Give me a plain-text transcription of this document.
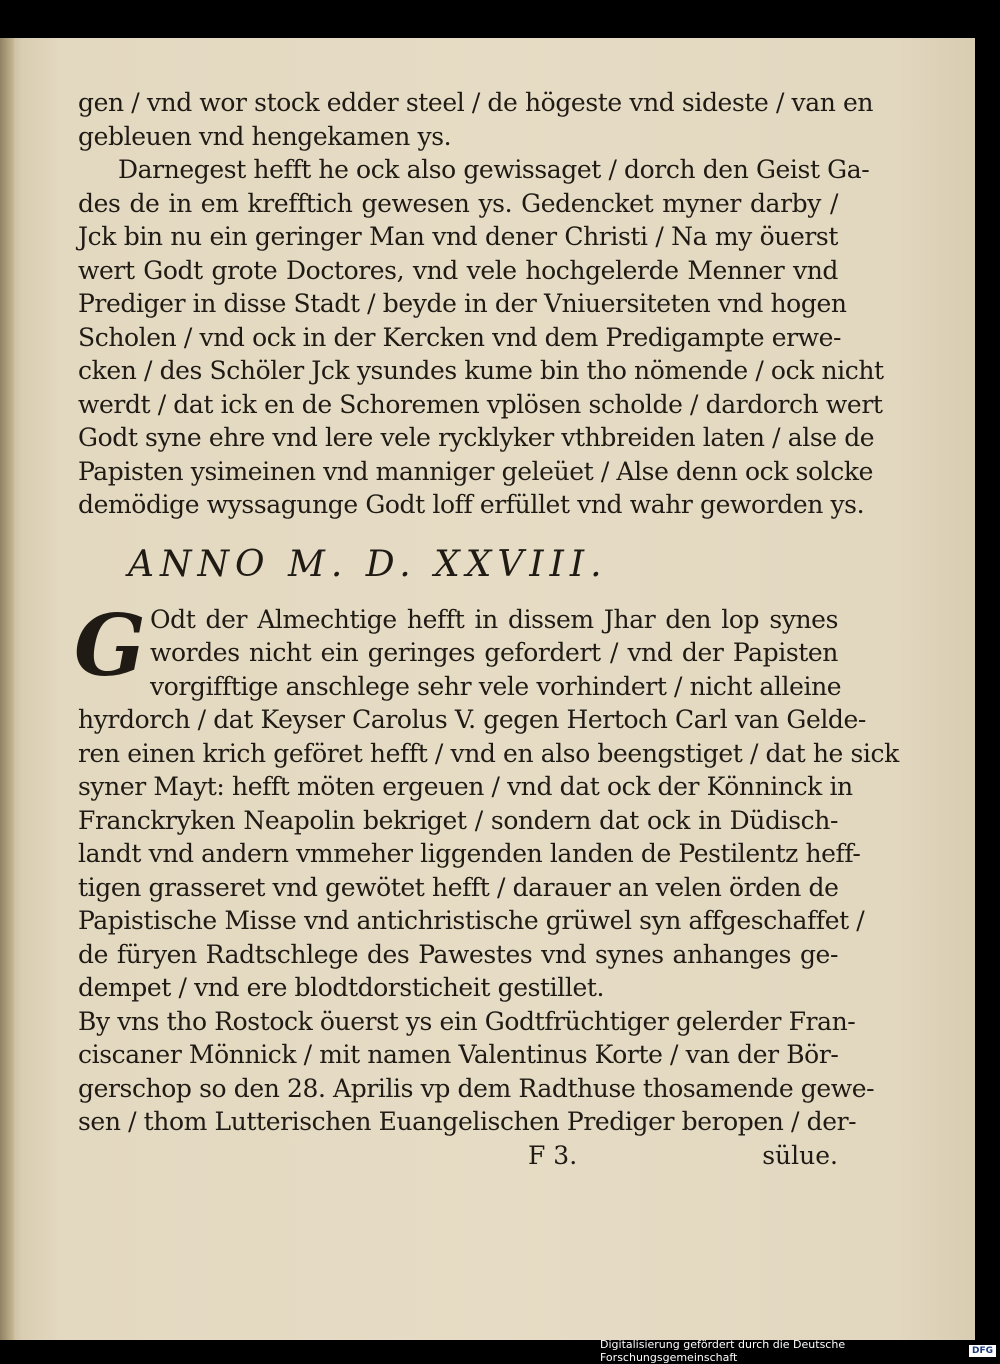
gen / vnd wor stock edder steel / de högeste vnd sideste / van en
gebleuen vnd hengekamen ys.
Darnegest hefft he ock also gewissaget / dorch den Geist Ga-
des de in em krefftich gewesen ys. Gedencket myner darby /
Jck bin nu ein geringer Man vnd dener Christi / Na my öuerst
wert Godt grote Doctores, vnd vele hochgelerde Menner vnd
Prediger in disse Stadt / beyde in der Vniuersiteten vnd hogen
Scholen / vnd ock in der Kercken vnd dem Predigampte erwe-
cken / des Schöler Jck ysundes kume bin tho nömende / ock nicht
werdt / dat ick en de Schoremen vplösen scholde / dardorch wert
Godt syne ehre vnd lere vele rycklyker vthbreiden laten / alse de
Papisten ysimeinen vnd manniger geleüet / Alse denn ock solcke
demödige wyssagunge Godt loff erfüllet vnd wahr geworden ys.
ANNO M. D. XXVIII.
G Odt der Almechtige hefft in dissem Jhar den lop synes
wordes nicht ein geringes gefordert / vnd der Papisten
vorgifftige anschlege sehr vele vorhindert / nicht alleine
hyrdorch / dat Keyser Carolus V. gegen Hertoch Carl van Gelde-
ren einen krich geföret hefft / vnd en also beengstiget / dat he sick
syner Mayt: hefft möten ergeuen / vnd dat ock der Könninck in
Franckryken Neapolin bekriget / sondern dat ock in Düdisch-
landt vnd andern vmmeher liggenden landen de Pestilentz heff-
tigen grasseret vnd gewötet hefft / darauer an velen örden de
Papistische Misse vnd antichristische grüwel syn affgeschaffet /
de füryen Radtschlege des Pawestes vnd synes anhanges ge-
dempet / vnd ere blodtdorsticheit gestillet.
By vns tho Rostock öuerst ys ein Godtfrüchtiger gelerder Fran-
ciscaner Mönnick / mit namen Valentinus Korte / van der Bör-
gerschop so den 28. Aprilis vp dem Radthuse thosamende gewe-
sen / thom Lutterischen Euangelischen Prediger beropen / der-
F 3.	sülue.
Digitalisierung gefördert durch die Deutsche Forschungsgemeinschaft	DFG
